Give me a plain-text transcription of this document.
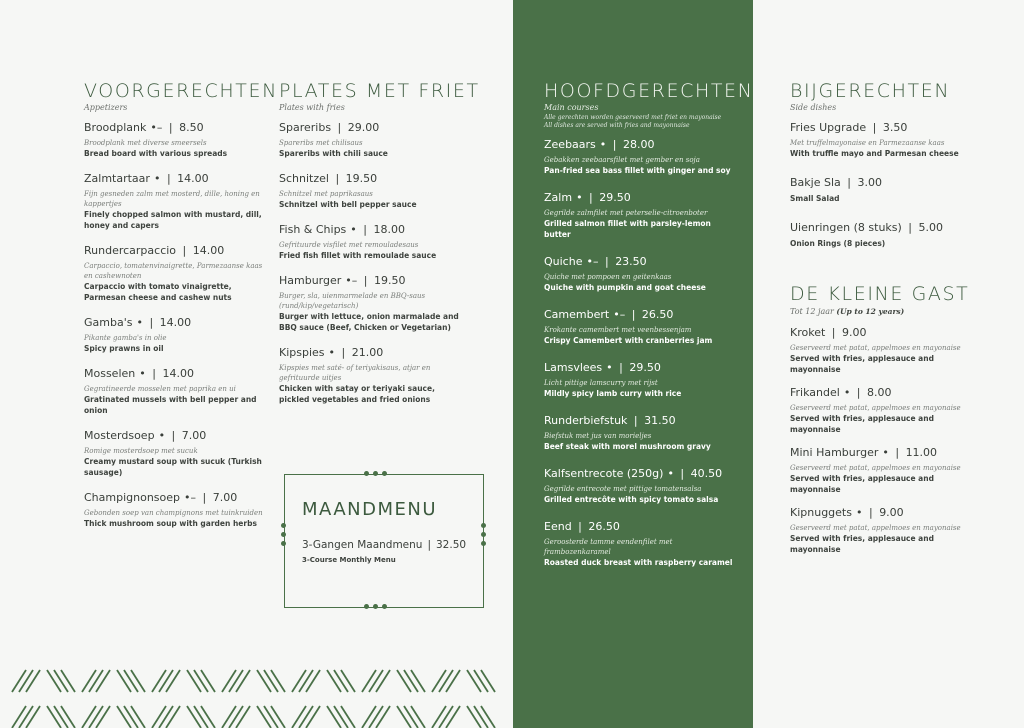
VOORGERECHTEN
Appetizers
Broodplank •– | 8.50
Broodplank met diverse smeersels
Bread board with various spreads
Zalmtartaar • | 14.00
Fijn gesneden zalm met mosterd, dille, honing en kappertjes
Finely chopped salmon with mustard, dill, honey and capers
Rundercarpaccio | 14.00
Carpaccio, tomatenvinaigrette, Parmezaanse kaas en cashewnoten
Carpaccio with tomato vinaigrette, Parmesan cheese and cashew nuts
Gamba's • | 14.00
Pikante gamba's in olie
Spicy prawns in oil
Mosselen • | 14.00
Gegratineerde mosselen met paprika en ui
Gratinated mussels with bell pepper and onion
Mosterdsoep • | 7.00
Romige mosterdsoep met sucuk
Creamy mustard soup with sucuk (Turkish sausage)
Champignonsoep •– | 7.00
Gebonden soep van champignons met tuinkruiden
Thick mushroom soup with garden herbs
PLATES MET FRIET
Plates with fries
Spareribs | 29.00
Spareribs met chilisaus
Spareribs with chili sauce
Schnitzel | 19.50
Schnitzel met paprikasaus
Schnitzel with bell pepper sauce
Fish & Chips • | 18.00
Gefrituurde visfilet met remouladesaus
Fried fish fillet with remoulade sauce
Hamburger •– | 19.50
Burger, sla, uienmarmelade en BBQ-saus (rund/kip/vegetarisch)
Burger with lettuce, onion marmalade and BBQ sauce (Beef, Chicken or Vegetarian)
Kipspies • | 21.00
Kipspies met saté- of teriyakisaus, atjar en gefrituurde uitjes
Chicken with satay or teriyaki sauce, pickled vegetables and fried onions
MAANDMENU
3-Gangen Maandmenu | 32.50
3-Course Monthly Menu
HOOFDGERECHTEN
Main courses
Alle gerechten worden geserveerd met friet en mayonaise
All dishes are served with fries and mayonnaise
Zeebaars • | 28.00
Gebakken zeebaarsfilet met gember en soja
Pan-fried sea bass fillet with ginger and soy
Zalm • | 29.50
Gegrilde zalmfilet met peterselie-citroenboter
Grilled salmon fillet with parsley-lemon butter
Quiche •– | 23.50
Quiche met pompoen en geitenkaas
Quiche with pumpkin and goat cheese
Camembert •– | 26.50
Krokante camembert met veenbessenjam
Crispy Camembert with cranberries jam
Lamsvlees • | 29.50
Licht pittige lamscurry met rijst
Mildly spicy lamb curry with rice
Runderbiefstuk | 31.50
Biefstuk met jus van morieljes
Beef steak with morel mushroom gravy
Kalfsentrecote (250g) • | 40.50
Gegrilde entrecote met pittige tomatensalsa
Grilled entrecôte with spicy tomato salsa
Eend | 26.50
Geroosterde tamme eendenfilet met frambozenkaramel
Roasted duck breast with raspberry caramel
BIJGERECHTEN
Side dishes
Fries Upgrade | 3.50
Met truffelmayonaise en Parmezaanse kaas
With truffle mayo and Parmesan cheese
Bakje Sla | 3.00
Small Salad
Uienringen (8 stuks) | 5.00
Onion Rings (8 pieces)
DE KLEINE GAST
Tot 12 jaar (Up to 12 years)
Kroket | 9.00
Geserveerd met patat, appelmoes en mayonaise
Served with fries, applesauce and mayonnaise
Frikandel • | 8.00
Geserveerd met patat, appelmoes en mayonaise
Served with fries, applesauce and mayonnaise
Mini Hamburger • | 11.00
Geserveerd met patat, appelmoes en mayonaise
Served with fries, applesauce and mayonnaise
Kipnuggets • | 9.00
Geserveerd met patat, appelmoes en mayonaise
Served with fries, applesauce and mayonnaise
